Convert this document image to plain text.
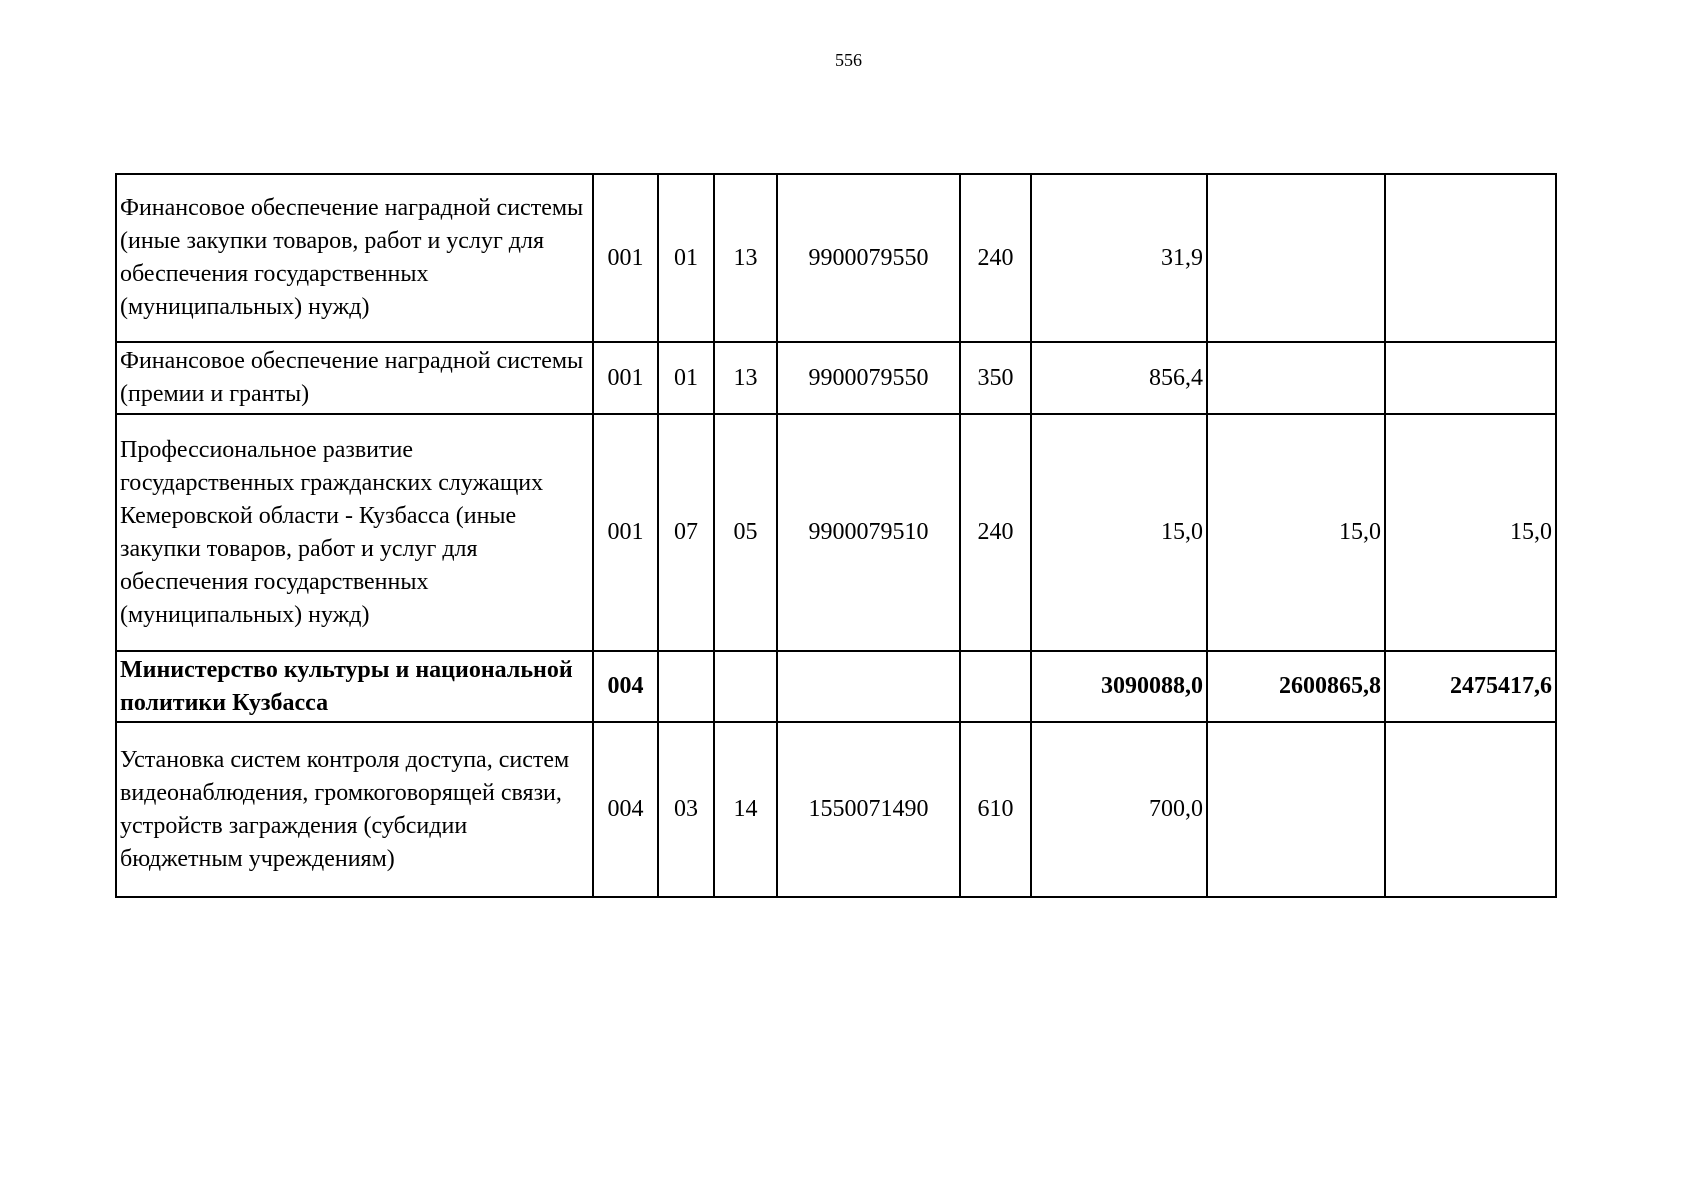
556
Финансовое обеспечение наградной системы (иные закупки товаров, работ и услуг для обеспечения государственных (муниципальных) нужд)	001	01	13	9900079550	240	31,9		
Финансовое обеспечение наградной системы (премии и гранты)	001	01	13	9900079550	350	856,4		
Профессиональное развитие государственных гражданских служащих Кемеровской области - Кузбасса (иные закупки товаров, работ и услуг для обеспечения государственных (муниципальных) нужд)	001	07	05	9900079510	240	15,0	15,0	15,0
Министерство культуры и национальной политики Кузбасса	004					3090088,0	2600865,8	2475417,6
Установка систем контроля доступа, систем видеонаблюдения, громкоговорящей связи, устройств заграждения (субсидии бюджетным учреждениям)	004	03	14	1550071490	610	700,0		
